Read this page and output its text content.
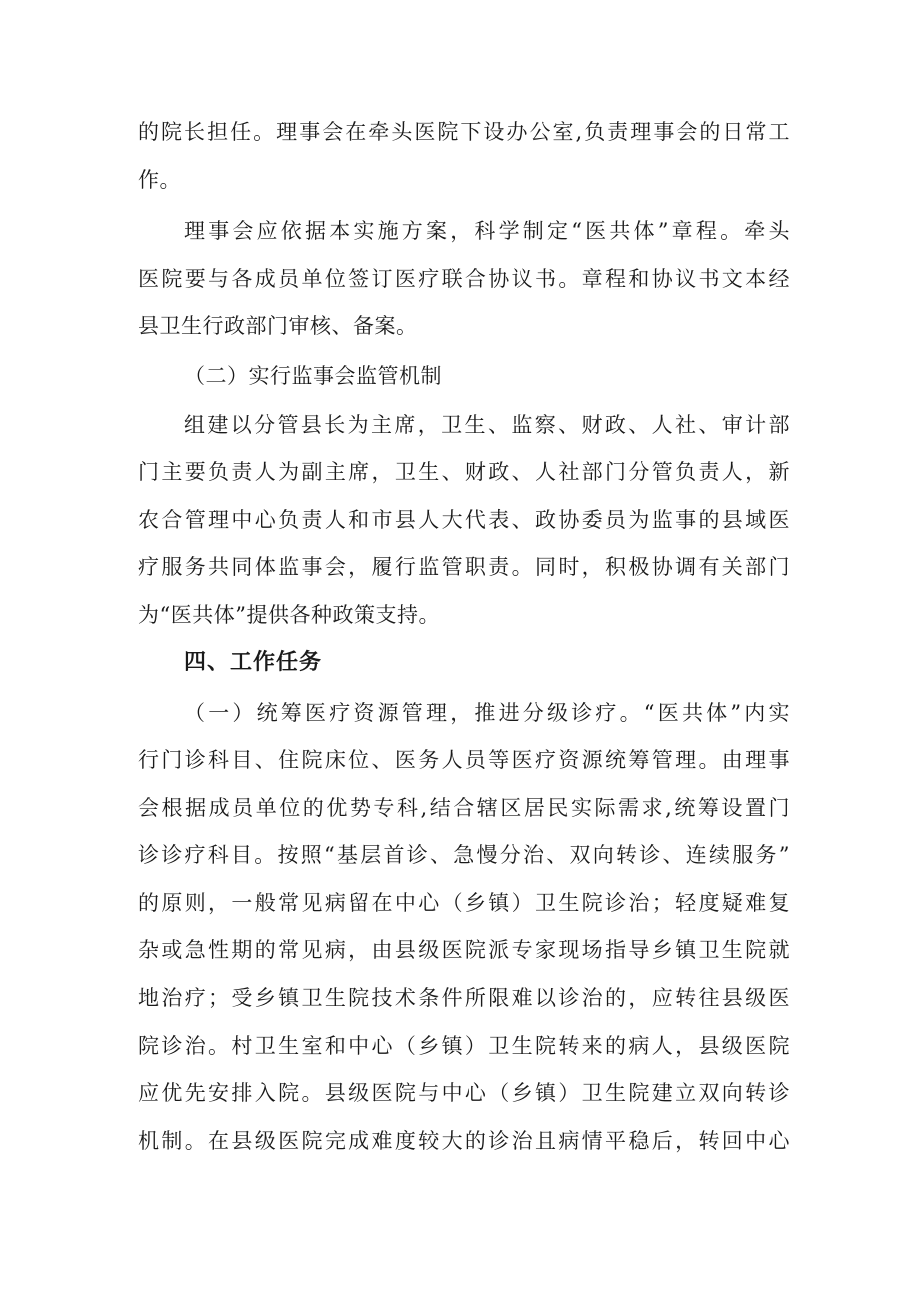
的院长担任。理事会在牵头医院下设办公室,负责理事会的日常工
作。
理事会应依据本实施方案，科学制定“医共体”章程。牵头
医院要与各成员单位签订医疗联合协议书。章程和协议书文本经
县卫生行政部门审核、备案。
（二）实行监事会监管机制
组建以分管县长为主席，卫生、监察、财政、人社、审计部
门主要负责人为副主席，卫生、财政、人社部门分管负责人，新
农合管理中心负责人和市县人大代表、政协委员为监事的县域医
疗服务共同体监事会，履行监管职责。同时，积极协调有关部门
为“医共体”提供各种政策支持。
四、工作任务
（一）统筹医疗资源管理，推进分级诊疗。“医共体”内实
行门诊科目、住院床位、医务人员等医疗资源统筹管理。由理事
会根据成员单位的优势专科,结合辖区居民实际需求,统筹设置门
诊诊疗科目。按照“基层首诊、急慢分治、双向转诊、连续服务”
的原则，一般常见病留在中心（乡镇）卫生院诊治；轻度疑难复
杂或急性期的常见病，由县级医院派专家现场指导乡镇卫生院就
地治疗；受乡镇卫生院技术条件所限难以诊治的，应转往县级医
院诊治。村卫生室和中心（乡镇）卫生院转来的病人，县级医院
应优先安排入院。县级医院与中心（乡镇）卫生院建立双向转诊
机制。在县级医院完成难度较大的诊治且病情平稳后，转回中心
